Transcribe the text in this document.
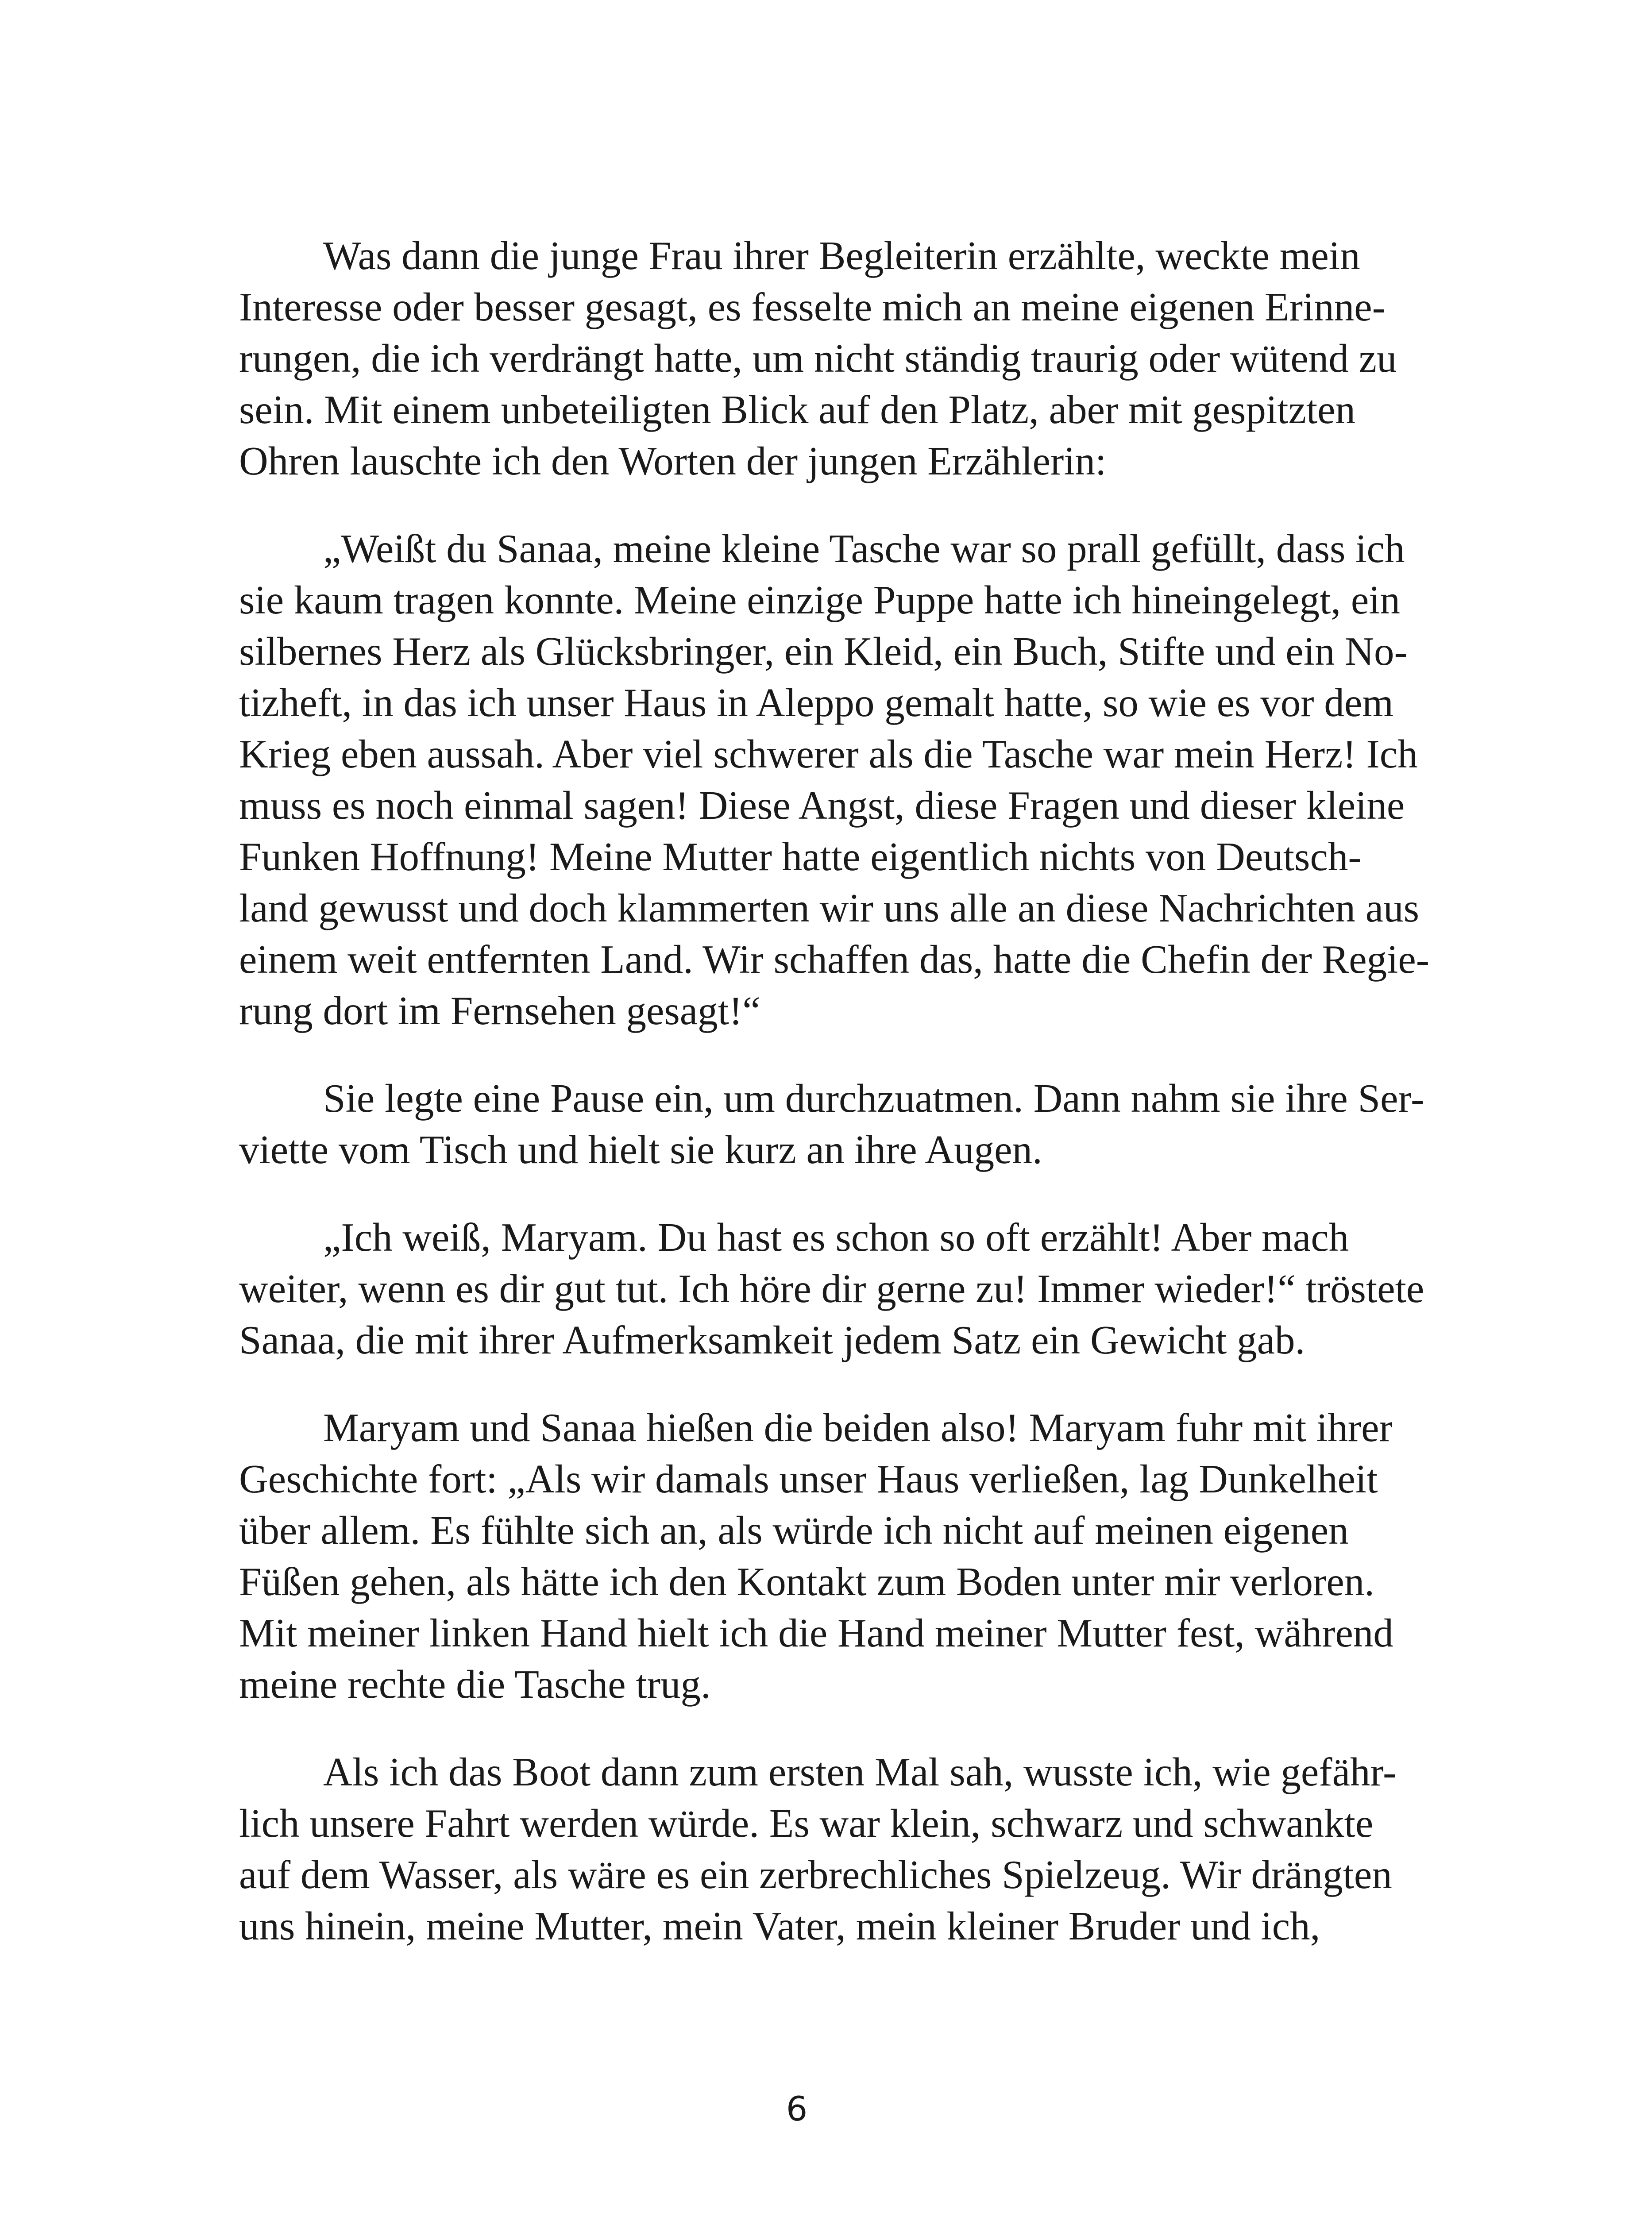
Was dann die junge Frau ihrer Begleiterin erzählte, weckte mein
Interesse oder besser gesagt, es fesselte mich an meine eigenen Erinne-
rungen, die ich verdrängt hatte, um nicht ständig traurig oder wütend zu
sein. Mit einem unbeteiligten Blick auf den Platz, aber mit gespitzten
Ohren lauschte ich den Worten der jungen Erzählerin:
„Weißt du Sanaa, meine kleine Tasche war so prall gefüllt, dass ich
sie kaum tragen konnte. Meine einzige Puppe hatte ich hineingelegt, ein
silbernes Herz als Glücksbringer, ein Kleid, ein Buch, Stifte und ein No-
tizheft, in das ich unser Haus in Aleppo gemalt hatte, so wie es vor dem
Krieg eben aussah. Aber viel schwerer als die Tasche war mein Herz! Ich
muss es noch einmal sagen! Diese Angst, diese Fragen und dieser kleine
Funken Hoffnung! Meine Mutter hatte eigentlich nichts von Deutsch-
land gewusst und doch klammerten wir uns alle an diese Nachrichten aus
einem weit entfernten Land. Wir schaffen das, hatte die Chefin der Regie-
rung dort im Fernsehen gesagt!“
Sie legte eine Pause ein, um durchzuatmen. Dann nahm sie ihre Ser-
viette vom Tisch und hielt sie kurz an ihre Augen.
„Ich weiß, Maryam. Du hast es schon so oft erzählt! Aber mach
weiter, wenn es dir gut tut. Ich höre dir gerne zu! Immer wieder!“ tröstete
Sanaa, die mit ihrer Aufmerksamkeit jedem Satz ein Gewicht gab.
Maryam und Sanaa hießen die beiden also! Maryam fuhr mit ihrer
Geschichte fort: „Als wir damals unser Haus verließen, lag Dunkelheit
über allem. Es fühlte sich an, als würde ich nicht auf meinen eigenen
Füßen gehen, als hätte ich den Kontakt zum Boden unter mir verloren.
Mit meiner linken Hand hielt ich die Hand meiner Mutter fest, während
meine rechte die Tasche trug.
Als ich das Boot dann zum ersten Mal sah, wusste ich, wie gefähr-
lich unsere Fahrt werden würde. Es war klein, schwarz und schwankte
auf dem Wasser, als wäre es ein zerbrechliches Spielzeug. Wir drängten
uns hinein, meine Mutter, mein Vater, mein kleiner Bruder und ich,
6
